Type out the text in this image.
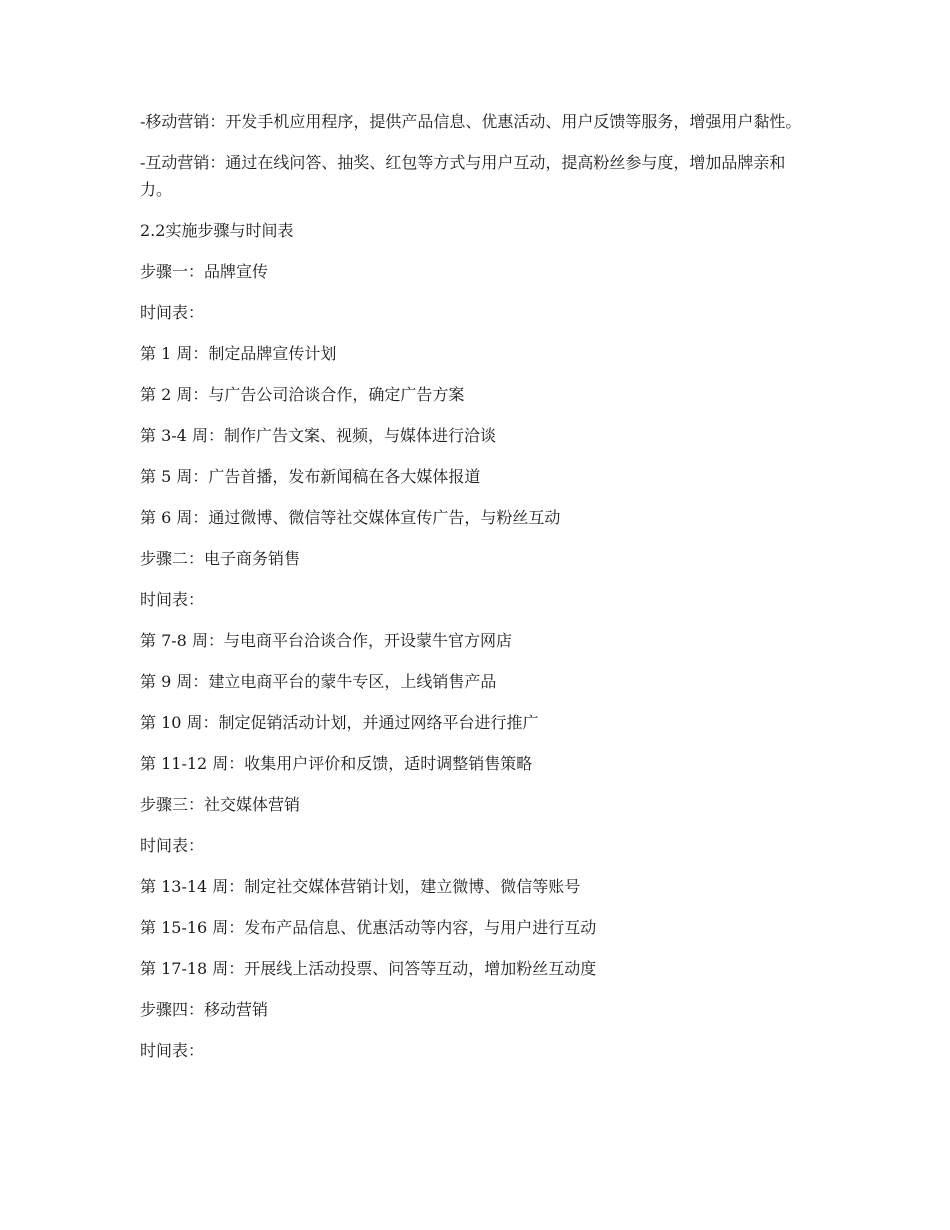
-移动营销：开发手机应用程序，提供产品信息、优惠活动、用户反馈等服务，增强用户黏性。

-互动营销：通过在线问答、抽奖、红包等方式与用户互动，提高粉丝参与度，增加品牌亲和力。

2.2实施步骤与时间表
步骤一：品牌宣传
时间表：
第 1 周：制定品牌宣传计划
第 2 周：与广告公司洽谈合作，确定广告方案
第 3-4 周：制作广告文案、视频，与媒体进行洽谈
第 5 周：广告首播，发布新闻稿在各大媒体报道
第 6 周：通过微博、微信等社交媒体宣传广告，与粉丝互动
步骤二：电子商务销售
时间表：
第 7-8 周：与电商平台洽谈合作，开设蒙牛官方网店
第 9 周：建立电商平台的蒙牛专区，上线销售产品
第 10 周：制定促销活动计划，并通过网络平台进行推广
第 11-12 周：收集用户评价和反馈，适时调整销售策略
步骤三：社交媒体营销
时间表：
第 13-14 周：制定社交媒体营销计划，建立微博、微信等账号
第 15-16 周：发布产品信息、优惠活动等内容，与用户进行互动
第 17-18 周：开展线上活动投票、问答等互动，增加粉丝互动度
步骤四：移动营销
时间表：
